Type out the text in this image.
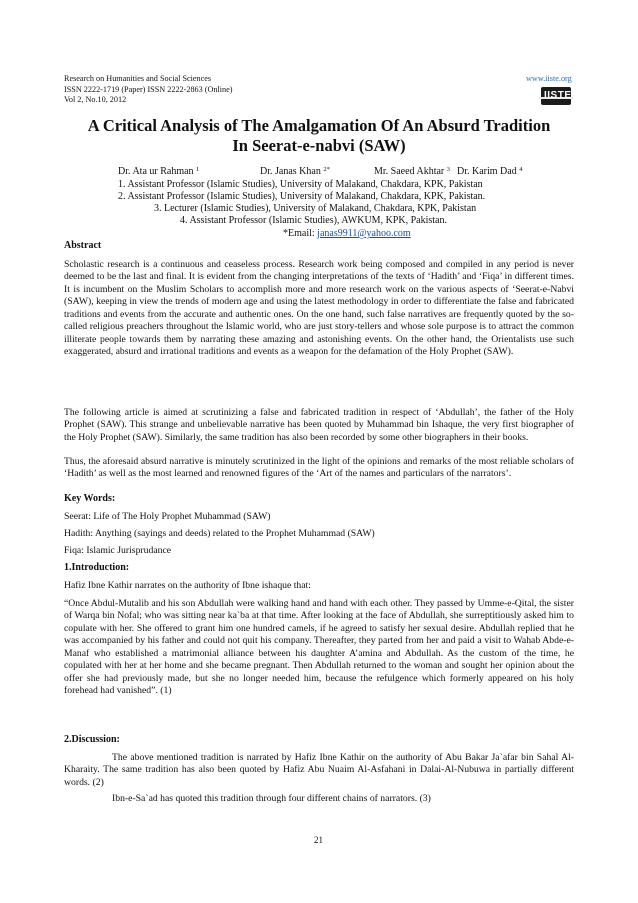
Research on Humanities and Social Sciences
ISSN 2222-1719 (Paper) ISSN 2222-2863 (Online)
Vol 2, No.10, 2012
www.iiste.org
IISTE
A Critical Analysis of The Amalgamation Of An Absurd Tradition
In Seerat-e-nabvi (SAW)
Dr. Ata ur Rahman $^1$	Dr. Janas Khan $^{2*}$	Mr. Saeed Akhtar $^3$ Dr. Karim Dad $^4$
1. Assistant Professor (Islamic Studies), University of Malakand, Chakdara, KPK, Pakistan
2. Assistant Professor (Islamic Studies), University of Malakand, Chakdara, KPK, Pakistan.
3. Lecturer (Islamic Studies), University of Malakand, Chakdara, KPK, Pakistan
4. Assistant Professor (Islamic Studies), AWKUM, KPK, Pakistan.
*Email: janas9911@yahoo.com
Abstract
Scholastic research is a continuous and ceaseless process. Research work being composed and compiled in any period is never deemed to be the last and final. It is evident from the changing interpretations of the texts of ‘Hadith’ and ‘Fiqa’ in different times. It is incumbent on the Muslim Scholars to accomplish more and more research work on the various aspects of ‘Seerat-e-Nabvi (SAW), keeping in view the trends of modern age and using the latest methodology in order to differentiate the false and fabricated traditions and events from the accurate and authentic ones. On the one hand, such false narratives are frequently quoted by the so-called religious preachers throughout the Islamic world, who are just story-tellers and whose sole purpose is to attract the common illiterate people towards them by narrating these amazing and astonishing events. On the other hand, the Orientalists use such exaggerated, absurd and irrational traditions and events as a weapon for the defamation of the Holy Prophet (SAW).
The following article is aimed at scrutinizing a false and fabricated tradition in respect of ‘Abdullah’, the father of the Holy Prophet (SAW). This strange and unbelievable narrative has been quoted by Muhammad bin Ishaque, the very first biographer of the Holy Prophet (SAW). Similarly, the same tradition has also been recorded by some other biographers in their books.
Thus, the aforesaid absurd narrative is minutely scrutinized in the light of the opinions and remarks of the most reliable scholars of ‘Hadith’ as well as the most learned and renowned figures of the ‘Art of the names and particulars of the narrators’.
Key Words:
Seerat: Life of The Holy Prophet Muhammad (SAW)
Hadith: Anything (sayings and deeds) related to the Prophet Muhammad (SAW)
Fiqa: Islamic Jurisprudance
1.Introduction:
Hafiz Ibne Kathir narrates on the authority of Ibne ishaque that:
“Once Abdul-Mutalib and his son Abdullah were walking hand and hand with each other. They passed by Umme-e-Qital, the sister of Warqa bin Nofal; who was sitting near ka`ba at that time. After looking at the face of Abdullah, she surreptitiously asked him to copulate with her. She offered to grant him one hundred camels, if he agreed to satisfy her sexual desire. Abdullah replied that he was accompanied by his father and could not quit his company. Thereafter, they parted from her and paid a visit to Wahab Abde-e-Manaf who established a matrimonial alliance between his daughter A’amina and Abdullah. As the custom of the time, he copulated with her at her home and she became pregnant. Then Abdullah returned to the woman and sought her opinion about the offer she had previously made, but she no longer needed him, because the refulgence which formerly appeared on his holy forehead had vanished”. (1)
2.Discussion:
The above mentioned tradition is narrated by Hafiz Ibne Kathir on the authority of Abu Bakar Ja`afar bin Sahal Al-Kharaity. The same tradition has also been quoted by Hafiz Abu Nuaim Al-Asfahani in Dalai-Al-Nubuwa in partially different words. (2)
Ibn-e-Sa`ad has quoted this tradition through four different chains of narrators. (3)
21
